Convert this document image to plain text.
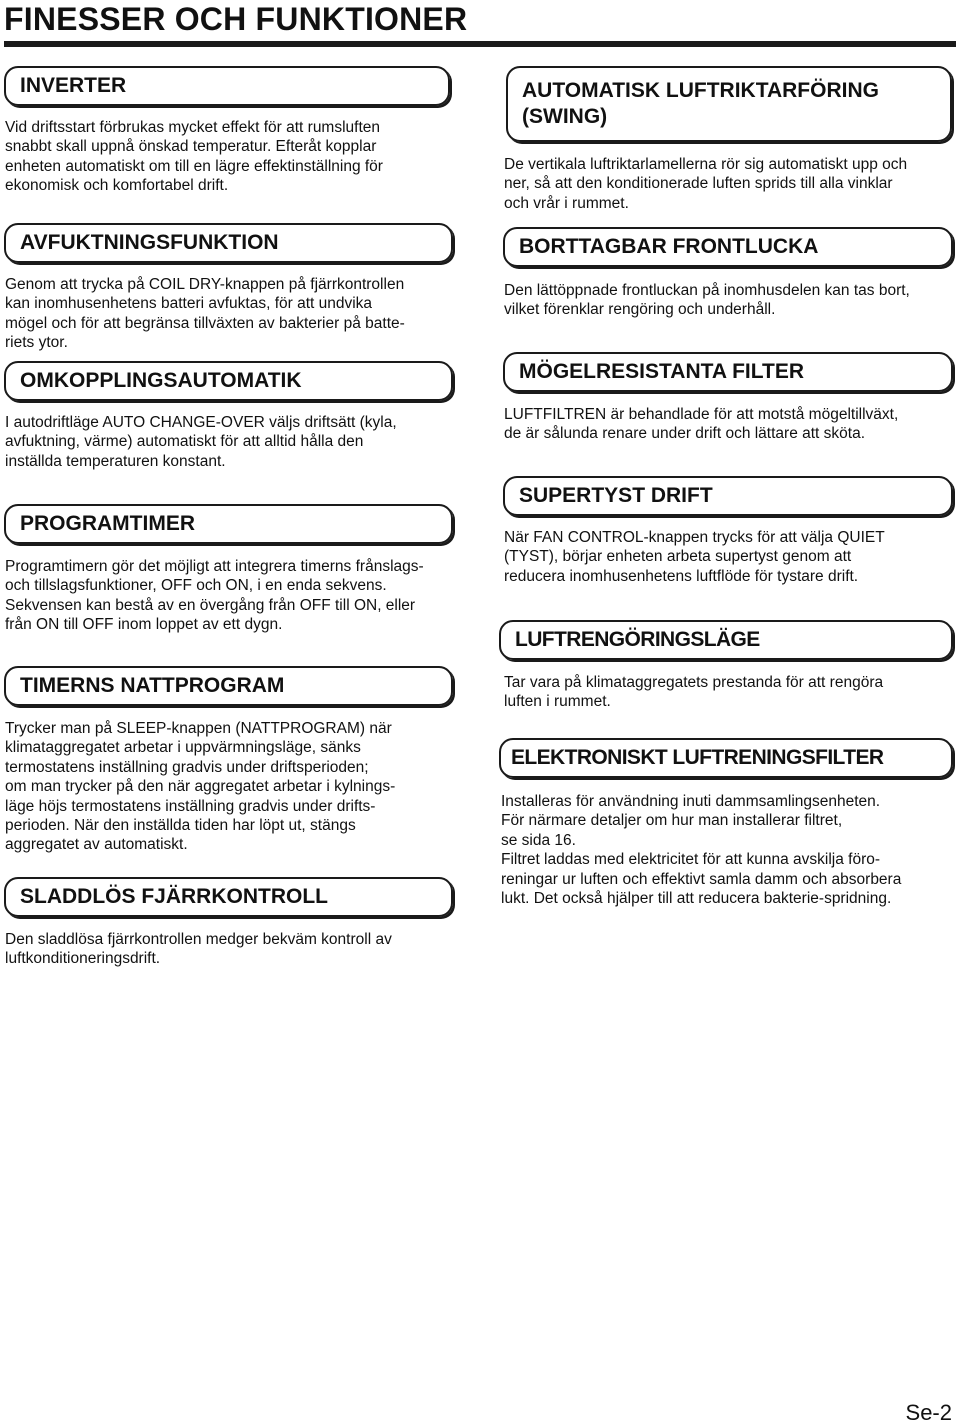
FINESSER OCH FUNKTIONER
INVERTER

Vid driftsstart förbrukas mycket effekt för att rumsluften
snabbt skall uppnå önskad temperatur. Efteråt kopplar
enheten automatiskt om till en lägre effektinställning för
ekonomisk och komfortabel drift.

AVFUKTNINGSFUNKTION

Genom att trycka på COIL DRY-knappen på fjärrkontrollen
kan inomhusenhetens batteri avfuktas, för att undvika
mögel och för att begränsa tillväxten av bakterier på batte-
riets ytor.

OMKOPPLINGSAUTOMATIK

I autodriftläge AUTO CHANGE-OVER väljs driftsätt (kyla,
avfuktning, värme) automatiskt för att alltid hålla den
inställda temperaturen konstant.

PROGRAMTIMER

Programtimern gör det möjligt att integrera timerns frånslags-
och tillslagsfunktioner, OFF och ON, i en enda sekvens.
Sekvensen kan bestå av en övergång från OFF till ON, eller
från ON till OFF inom loppet av ett dygn.

TIMERNS NATTPROGRAM

Trycker man på SLEEP-knappen (NATTPROGRAM) när
klimataggregatet arbetar i uppvärmningsläge, sänks
termostatens inställning gradvis under driftsperioden;
om man trycker på den när aggregatet arbetar i kylnings-
läge höjs termostatens inställning gradvis under drifts-
perioden. När den inställda tiden har löpt ut, stängs
aggregatet av automatiskt.

SLADDLÖS FJÄRRKONTROLL

Den sladdlösa fjärrkontrollen medger bekväm kontroll av
luftkonditioneringsdrift.

AUTOMATISK LUFTRIKTARFÖRING
(SWING)

De vertikala luftriktarlamellerna rör sig automatiskt upp och
ner, så att den konditionerade luften sprids till alla vinklar
och vrår i rummet.

BORTTAGBAR FRONTLUCKA

Den lättöppnade frontluckan på inomhusdelen kan tas bort,
vilket förenklar rengöring och underhåll.

MÖGELRESISTANTA FILTER

LUFTFILTREN är behandlade för att motstå mögeltillväxt,
de är sålunda renare under drift och lättare att sköta.

SUPERTYST DRIFT

När FAN CONTROL-knappen trycks för att välja QUIET
(TYST), börjar enheten arbeta supertyst genom att
reducera inomhusenhetens luftflöde för tystare drift.

LUFTRENGÖRINGSLÄGE

Tar vara på klimataggregatets prestanda för att rengöra
luften i rummet.

ELEKTRONISKT LUFTRENINGSFILTER

Installeras för användning inuti dammsamlingsenheten.
För närmare detaljer om hur man installerar filtret,
se sida 16.
Filtret laddas med elektricitet för att kunna avskilja föro-
reningar ur luften och effektivt samla damm och absorbera
lukt. Det också hjälper till att reducera bakterie-spridning.

Se-2
